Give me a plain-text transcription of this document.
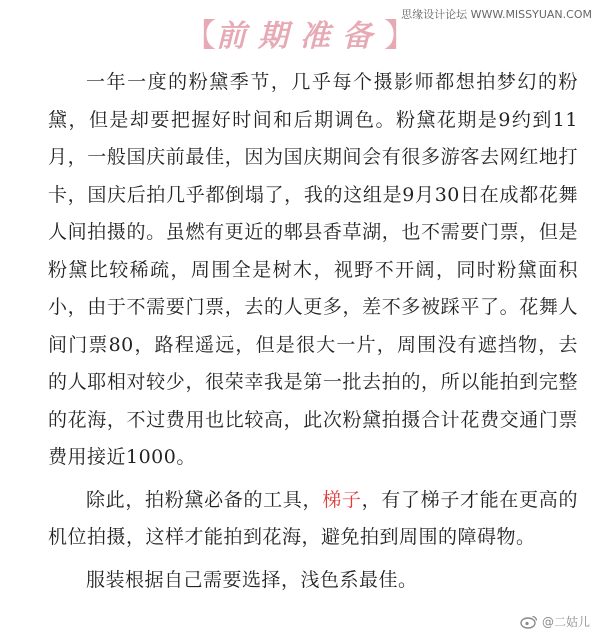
思缘设计论坛 WWW.MISSYUAN.COM
【前期准备】

一年一度的粉黛季节，几乎每个摄影师都想拍梦幻的粉黛，但是却要把握好时间和后期调色。粉黛花期是9约到11月，一般国庆前最佳，因为国庆期间会有很多游客去网红地打卡，国庆后拍几乎都倒塌了，我的这组是9月30日在成都花舞人间拍摄的。虽燃有更近的郫县香草湖，也不需要门票，但是粉黛比较稀疏，周围全是树木，视野不开阔，同时粉黛面积小，由于不需要门票，去的人更多，差不多被踩平了。花舞人间门票80，路程遥远，但是很大一片，周围没有遮挡物，去的人耶相对较少，很荣幸我是第一批去拍的，所以能拍到完整的花海，不过费用也比较高，此次粉黛拍摄合计花费交通门票费用接近1000。

除此，拍粉黛必备的工具，梯子，有了梯子才能在更高的机位拍摄，这样才能拍到花海，避免拍到周围的障碍物。

服装根据自己需要选择，浅色系最佳。

@二姑儿
